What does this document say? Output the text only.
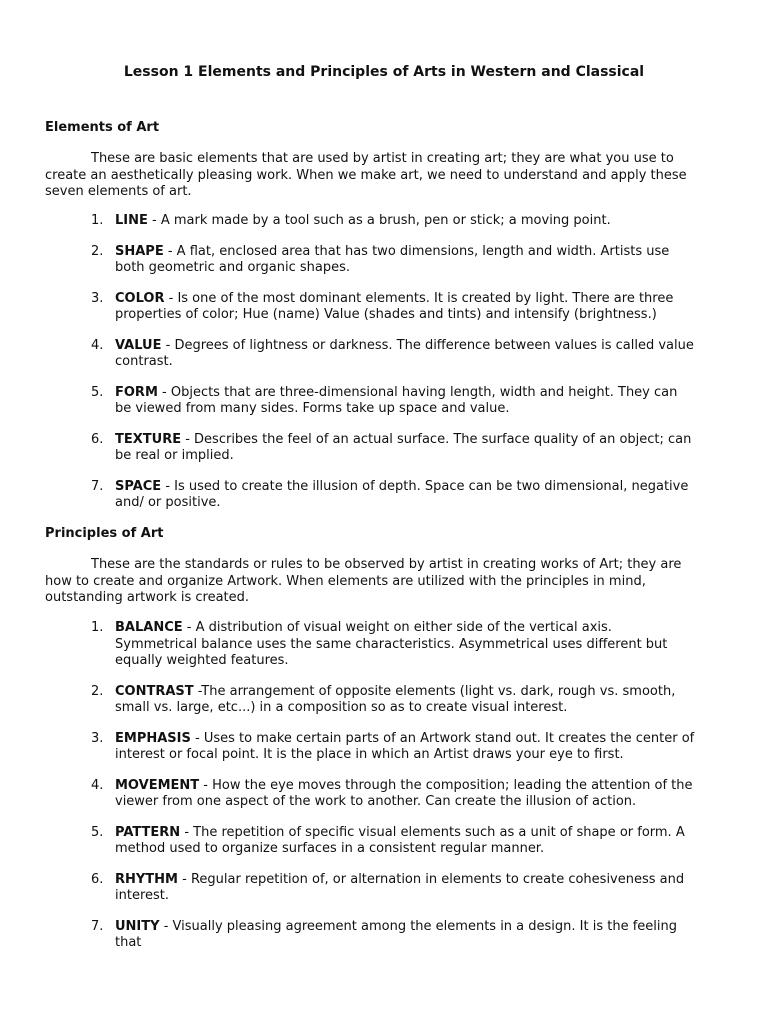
Lesson 1 Elements and Principles of Arts in Western and Classical
Elements of Art
These are basic elements that are used by artist in creating art; they are what you use to create an aesthetically pleasing work. When we make art, we need to understand and apply these seven elements of art.
1. LINE - A mark made by a tool such as a brush, pen or stick; a moving point.
2. SHAPE - A flat, enclosed area that has two dimensions, length and width. Artists use both geometric and organic shapes.
3. COLOR - Is one of the most dominant elements. It is created by light. There are three properties of color; Hue (name) Value (shades and tints) and intensify (brightness.)
4. VALUE - Degrees of lightness or darkness. The difference between values is called value contrast.
5. FORM - Objects that are three-dimensional having length, width and height. They can be viewed from many sides. Forms take up space and value.
6. TEXTURE - Describes the feel of an actual surface. The surface quality of an object; can be real or implied.
7. SPACE - Is used to create the illusion of depth. Space can be two dimensional, negative and/ or positive.
Principles of Art
These are the standards or rules to be observed by artist in creating works of Art; they are how to create and organize Artwork. When elements are utilized with the principles in mind, outstanding artwork is created.
1. BALANCE - A distribution of visual weight on either side of the vertical axis. Symmetrical balance uses the same characteristics. Asymmetrical uses different but equally weighted features.
2. CONTRAST -The arrangement of opposite elements (light vs. dark, rough vs. smooth, small vs. large, etc...) in a composition so as to create visual interest.
3. EMPHASIS - Uses to make certain parts of an Artwork stand out. It creates the center of interest or focal point. It is the place in which an Artist draws your eye to first.
4. MOVEMENT - How the eye moves through the composition; leading the attention of the viewer from one aspect of the work to another. Can create the illusion of action.
5. PATTERN - The repetition of specific visual elements such as a unit of shape or form. A method used to organize surfaces in a consistent regular manner.
6. RHYTHM - Regular repetition of, or alternation in elements to create cohesiveness and interest.
7. UNITY - Visually pleasing agreement among the elements in a design. It is the feeling that
